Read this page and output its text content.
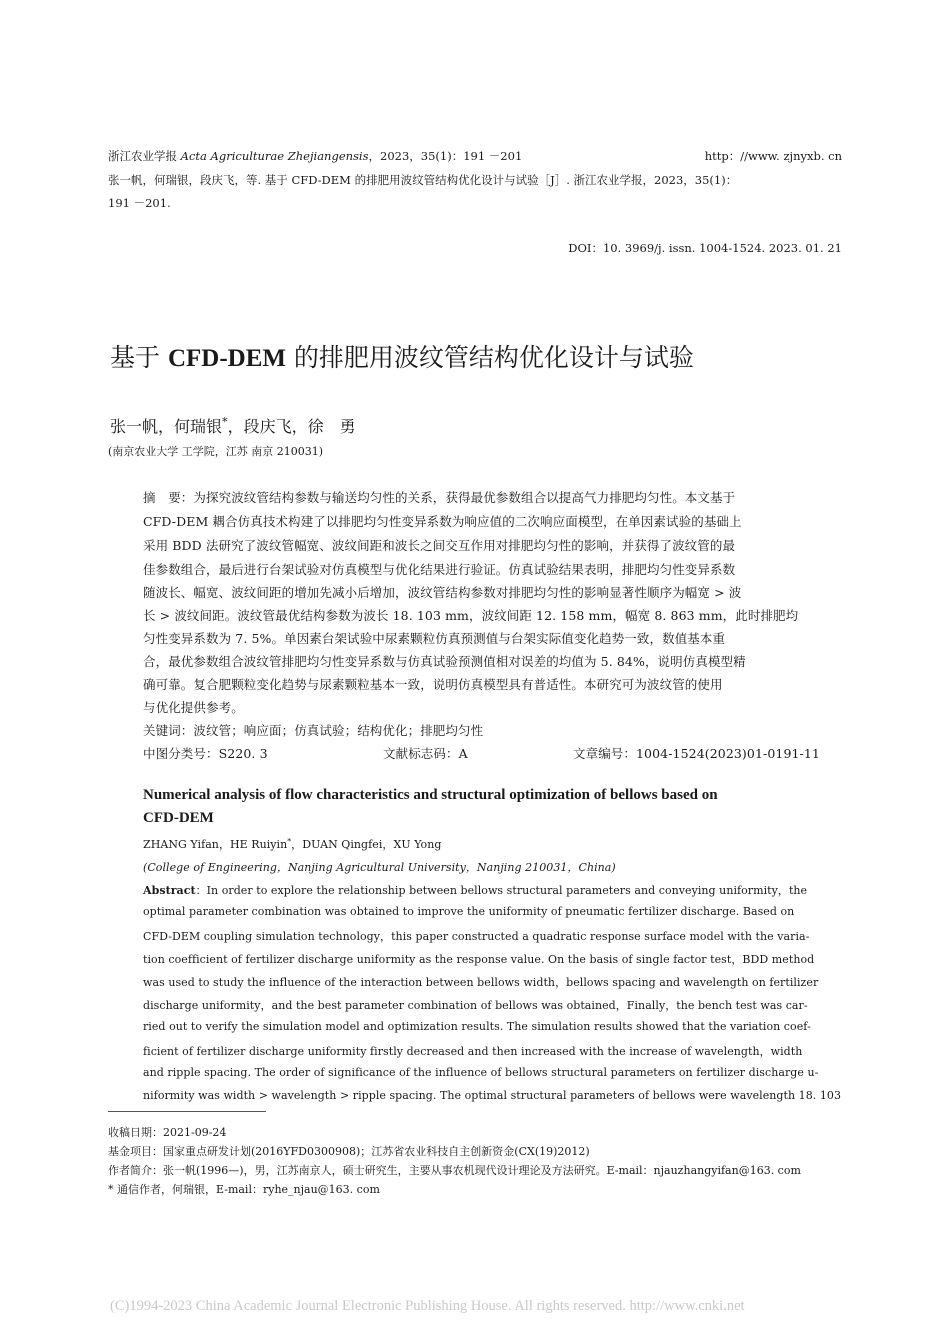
浙江农业学报 Acta Agriculturae Zhejiangensis，2023，35(1)：191 －201	http：//www. zjnyxb. cn
张一帆，何瑞银，段庆飞，等. 基于 CFD-DEM 的排肥用波纹管结构优化设计与试验［J］. 浙江农业学报，2023，35(1)：
191 －201.
DOI：10. 3969/j. issn. 1004-1524. 2023. 01. 21
基于 CFD-DEM 的排肥用波纹管结构优化设计与试验
张一帆，何瑞银*，段庆飞，徐　勇
(南京农业大学 工学院，江苏 南京 210031)
摘　要：为探究波纹管结构参数与输送均匀性的关系，获得最优参数组合以提高气力排肥均匀性。本文基于
CFD-DEM 耦合仿真技术构建了以排肥均匀性变异系数为响应值的二次响应面模型，在单因素试验的基础上
采用 BDD 法研究了波纹管幅宽、波纹间距和波长之间交互作用对排肥均匀性的影响，并获得了波纹管的最
佳参数组合，最后进行台架试验对仿真模型与优化结果进行验证。仿真试验结果表明，排肥均匀性变异系数
随波长、幅宽、波纹间距的增加先减小后增加，波纹管结构参数对排肥均匀性的影响显著性顺序为幅宽 > 波
长 > 波纹间距。波纹管最优结构参数为波长 18. 103 mm，波纹间距 12. 158 mm，幅宽 8. 863 mm，此时排肥均
匀性变异系数为 7. 5%。单因素台架试验中尿素颗粒仿真预测值与台架实际值变化趋势一致，数值基本重
合，最优参数组合波纹管排肥均匀性变异系数与仿真试验预测值相对误差的均值为 5. 84%，说明仿真模型精
确可靠。复合肥颗粒变化趋势与尿素颗粒基本一致，说明仿真模型具有普适性。本研究可为波纹管的使用
与优化提供参考。
关键词：波纹管；响应面；仿真试验；结构优化；排肥均匀性
中图分类号：S220. 3	文献标志码：A	文章编号：1004-1524(2023)01-0191-11
Numerical analysis of flow characteristics and structural optimization of bellows based on
CFD-DEM
ZHANG Yifan，HE Ruiyin*，DUAN Qingfei，XU Yong
(College of Engineering，Nanjing Agricultural University，Nanjing 210031，China)
Abstract：In order to explore the relationship between bellows structural parameters and conveying uniformity，the
optimal parameter combination was obtained to improve the uniformity of pneumatic fertilizer discharge. Based on
CFD-DEM coupling simulation technology，this paper constructed a quadratic response surface model with the varia-
tion coefficient of fertilizer discharge uniformity as the response value. On the basis of single factor test，BDD method
was used to study the influence of the interaction between bellows width，bellows spacing and wavelength on fertilizer
discharge uniformity，and the best parameter combination of bellows was obtained，Finally，the bench test was car-
ried out to verify the simulation model and optimization results. The simulation results showed that the variation coef-
ficient of fertilizer discharge uniformity firstly decreased and then increased with the increase of wavelength，width
and ripple spacing. The order of significance of the influence of bellows structural parameters on fertilizer discharge u-
niformity was width > wavelength > ripple spacing. The optimal structural parameters of bellows were wavelength 18. 103
收稿日期：2021-09-24
基金项目：国家重点研发计划(2016YFD0300908)；江苏省农业科技自主创新资金(CX(19)2012)
作者简介：张一帆(1996—)，男，江苏南京人，硕士研究生，主要从事农机现代设计理论及方法研究。E-mail：njauzhangyifan@163. com
* 通信作者，何瑞银，E-mail：ryhe_njau@163. com
(C)1994-2023 China Academic Journal Electronic Publishing House. All rights reserved. http://www.cnki.net
